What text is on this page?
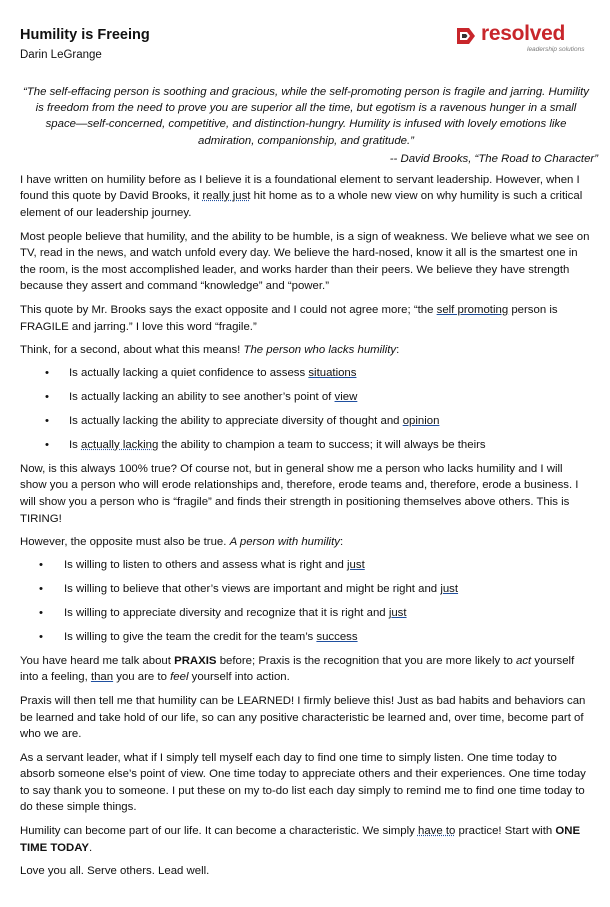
resolved
leadership solutions
Humility is Freeing
Darin LeGrange
“The self-effacing person is soothing and gracious, while the self-promoting person is fragile and jarring. Humility is freedom from the need to prove you are superior all the time, but egotism is a ravenous hunger in a small space—self-concerned, competitive, and distinction-hungry. Humility is infused with lovely emotions like admiration, companionship, and gratitude.”
-- David Brooks, “The Road to Character”

I have written on humility before as I believe it is a foundational element to servant leadership. However, when I found this quote by David Brooks, it really just hit home as to a whole new view on why humility is such a critical element of our leadership journey.

Most people believe that humility, and the ability to be humble, is a sign of weakness. We believe what we see on TV, read in the news, and watch unfold every day. We believe the hard-nosed, know it all is the smartest one in the room, is the most accomplished leader, and works harder than their peers. We believe they have strength because they assert and command “knowledge” and “power.”

This quote by Mr. Brooks says the exact opposite and I could not agree more; “the self promoting person is FRAGILE and jarring.” I love this word “fragile.”

Think, for a second, about what this means! The person who lacks humility:

• Is actually lacking a quiet confidence to assess situations
• Is actually lacking an ability to see another’s point of view
• Is actually lacking the ability to appreciate diversity of thought and opinion
• Is actually lacking the ability to champion a team to success; it will always be theirs

Now, is this always 100% true? Of course not, but in general show me a person who lacks humility and I will show you a person who will erode relationships and, therefore, erode teams and, therefore, erode a business. I will show you a person who is “fragile” and finds their strength in positioning themselves above others. This is TIRING!

However, the opposite must also be true. A person with humility:

• Is willing to listen to others and assess what is right and just
• Is willing to believe that other’s views are important and might be right and just
• Is willing to appreciate diversity and recognize that it is right and just
• Is willing to give the team the credit for the team’s success

You have heard me talk about PRAXIS before; Praxis is the recognition that you are more likely to act yourself into a feeling, than you are to feel yourself into action.

Praxis will then tell me that humility can be LEARNED! I firmly believe this! Just as bad habits and behaviors can be learned and take hold of our life, so can any positive characteristic be learned and, over time, become part of who we are.

As a servant leader, what if I simply tell myself each day to find one time to simply listen. One time today to absorb someone else’s point of view. One time today to appreciate others and their experiences. One time today to say thank you to someone. I put these on my to-do list each day simply to remind me to find one time today to do these simple things.

Humility can become part of our life. It can become a characteristic. We simply have to practice! Start with ONE TIME TODAY.

Love you all. Serve others. Lead well.
